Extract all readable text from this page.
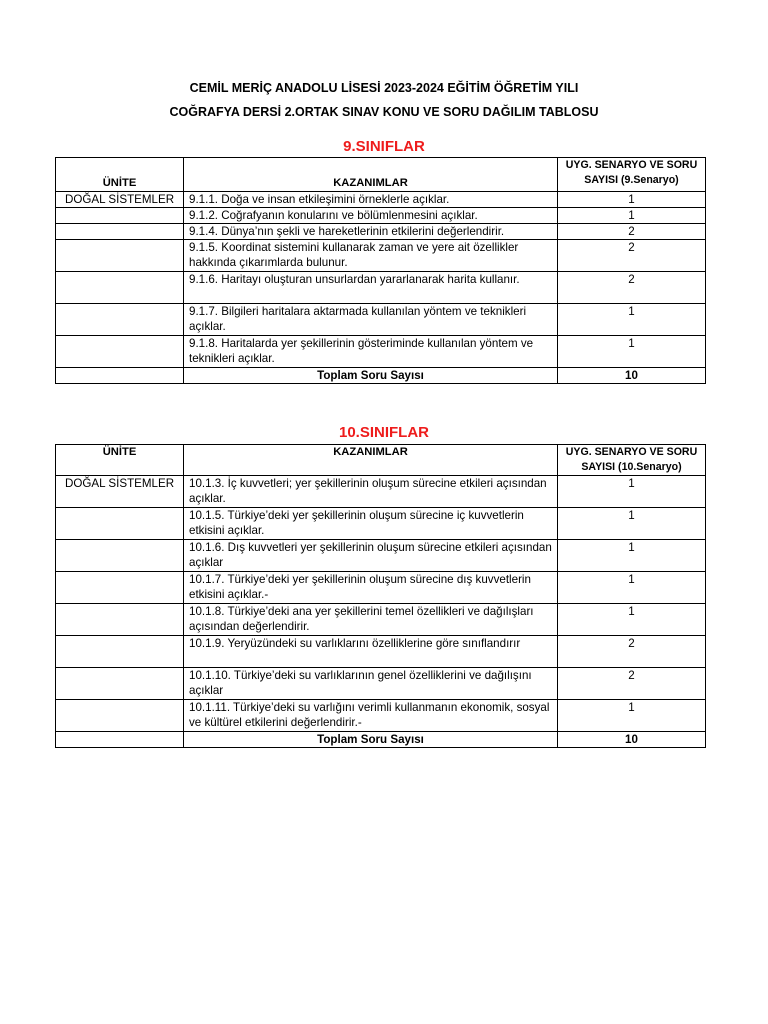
CEMİL MERİÇ ANADOLU LİSESİ 2023-2024 EĞİTİM ÖĞRETİM YILI
COĞRAFYA DERSİ 2.ORTAK SINAV KONU VE SORU DAĞILIM TABLOSU
9.SINIFLAR
ÜNİTE	KAZANIMLAR	UYG. SENARYO VE SORU
SAYISI (9.Senaryo)
DOĞAL SİSTEMLER	9.1.1. Doğa ve insan etkileşimini örneklerle açıklar.	1
	9.1.2. Coğrafyanın konularını ve bölümlenmesini açıklar.	1
	9.1.4. Dünya’nın şekli ve hareketlerinin etkilerini değerlendirir.	2
	9.1.5. Koordinat sistemini kullanarak zaman ve yere ait özellikler hakkında çıkarımlarda bulunur.	2
	9.1.6. Haritayı oluşturan unsurlardan yararlanarak harita kullanır.	2
	9.1.7. Bilgileri haritalara aktarmada kullanılan yöntem ve teknikleri açıklar.	1
	9.1.8. Haritalarda yer şekillerinin gösteriminde kullanılan yöntem ve teknikleri açıklar.	1
	Toplam Soru Sayısı	10
10.SINIFLAR
ÜNİTE	KAZANIMLAR	UYG. SENARYO VE SORU
SAYISI (10.Senaryo)
DOĞAL SİSTEMLER	10.1.3. İç kuvvetleri; yer şekillerinin oluşum sürecine etkileri açısından açıklar.	1
	10.1.5. Türkiye’deki yer şekillerinin oluşum sürecine iç kuvvetlerin etkisini açıklar.	1
	10.1.6. Dış kuvvetleri yer şekillerinin oluşum sürecine etkileri açısından açıklar	1
	10.1.7. Türkiye’deki yer şekillerinin oluşum sürecine dış kuvvetlerin etkisini açıklar.-	1
	10.1.8. Türkiye’deki ana yer şekillerini temel özellikleri ve dağılışları açısından değerlendirir.	1
	10.1.9. Yeryüzündeki su varlıklarını özelliklerine göre sınıflandırır	2
	10.1.10. Türkiye’deki su varlıklarının genel özelliklerini ve dağılışını açıklar	2
	10.1.11. Türkiye’deki su varlığını verimli kullanmanın ekonomik, sosyal ve kültürel etkilerini değerlendirir.-	1
	Toplam Soru Sayısı	10
